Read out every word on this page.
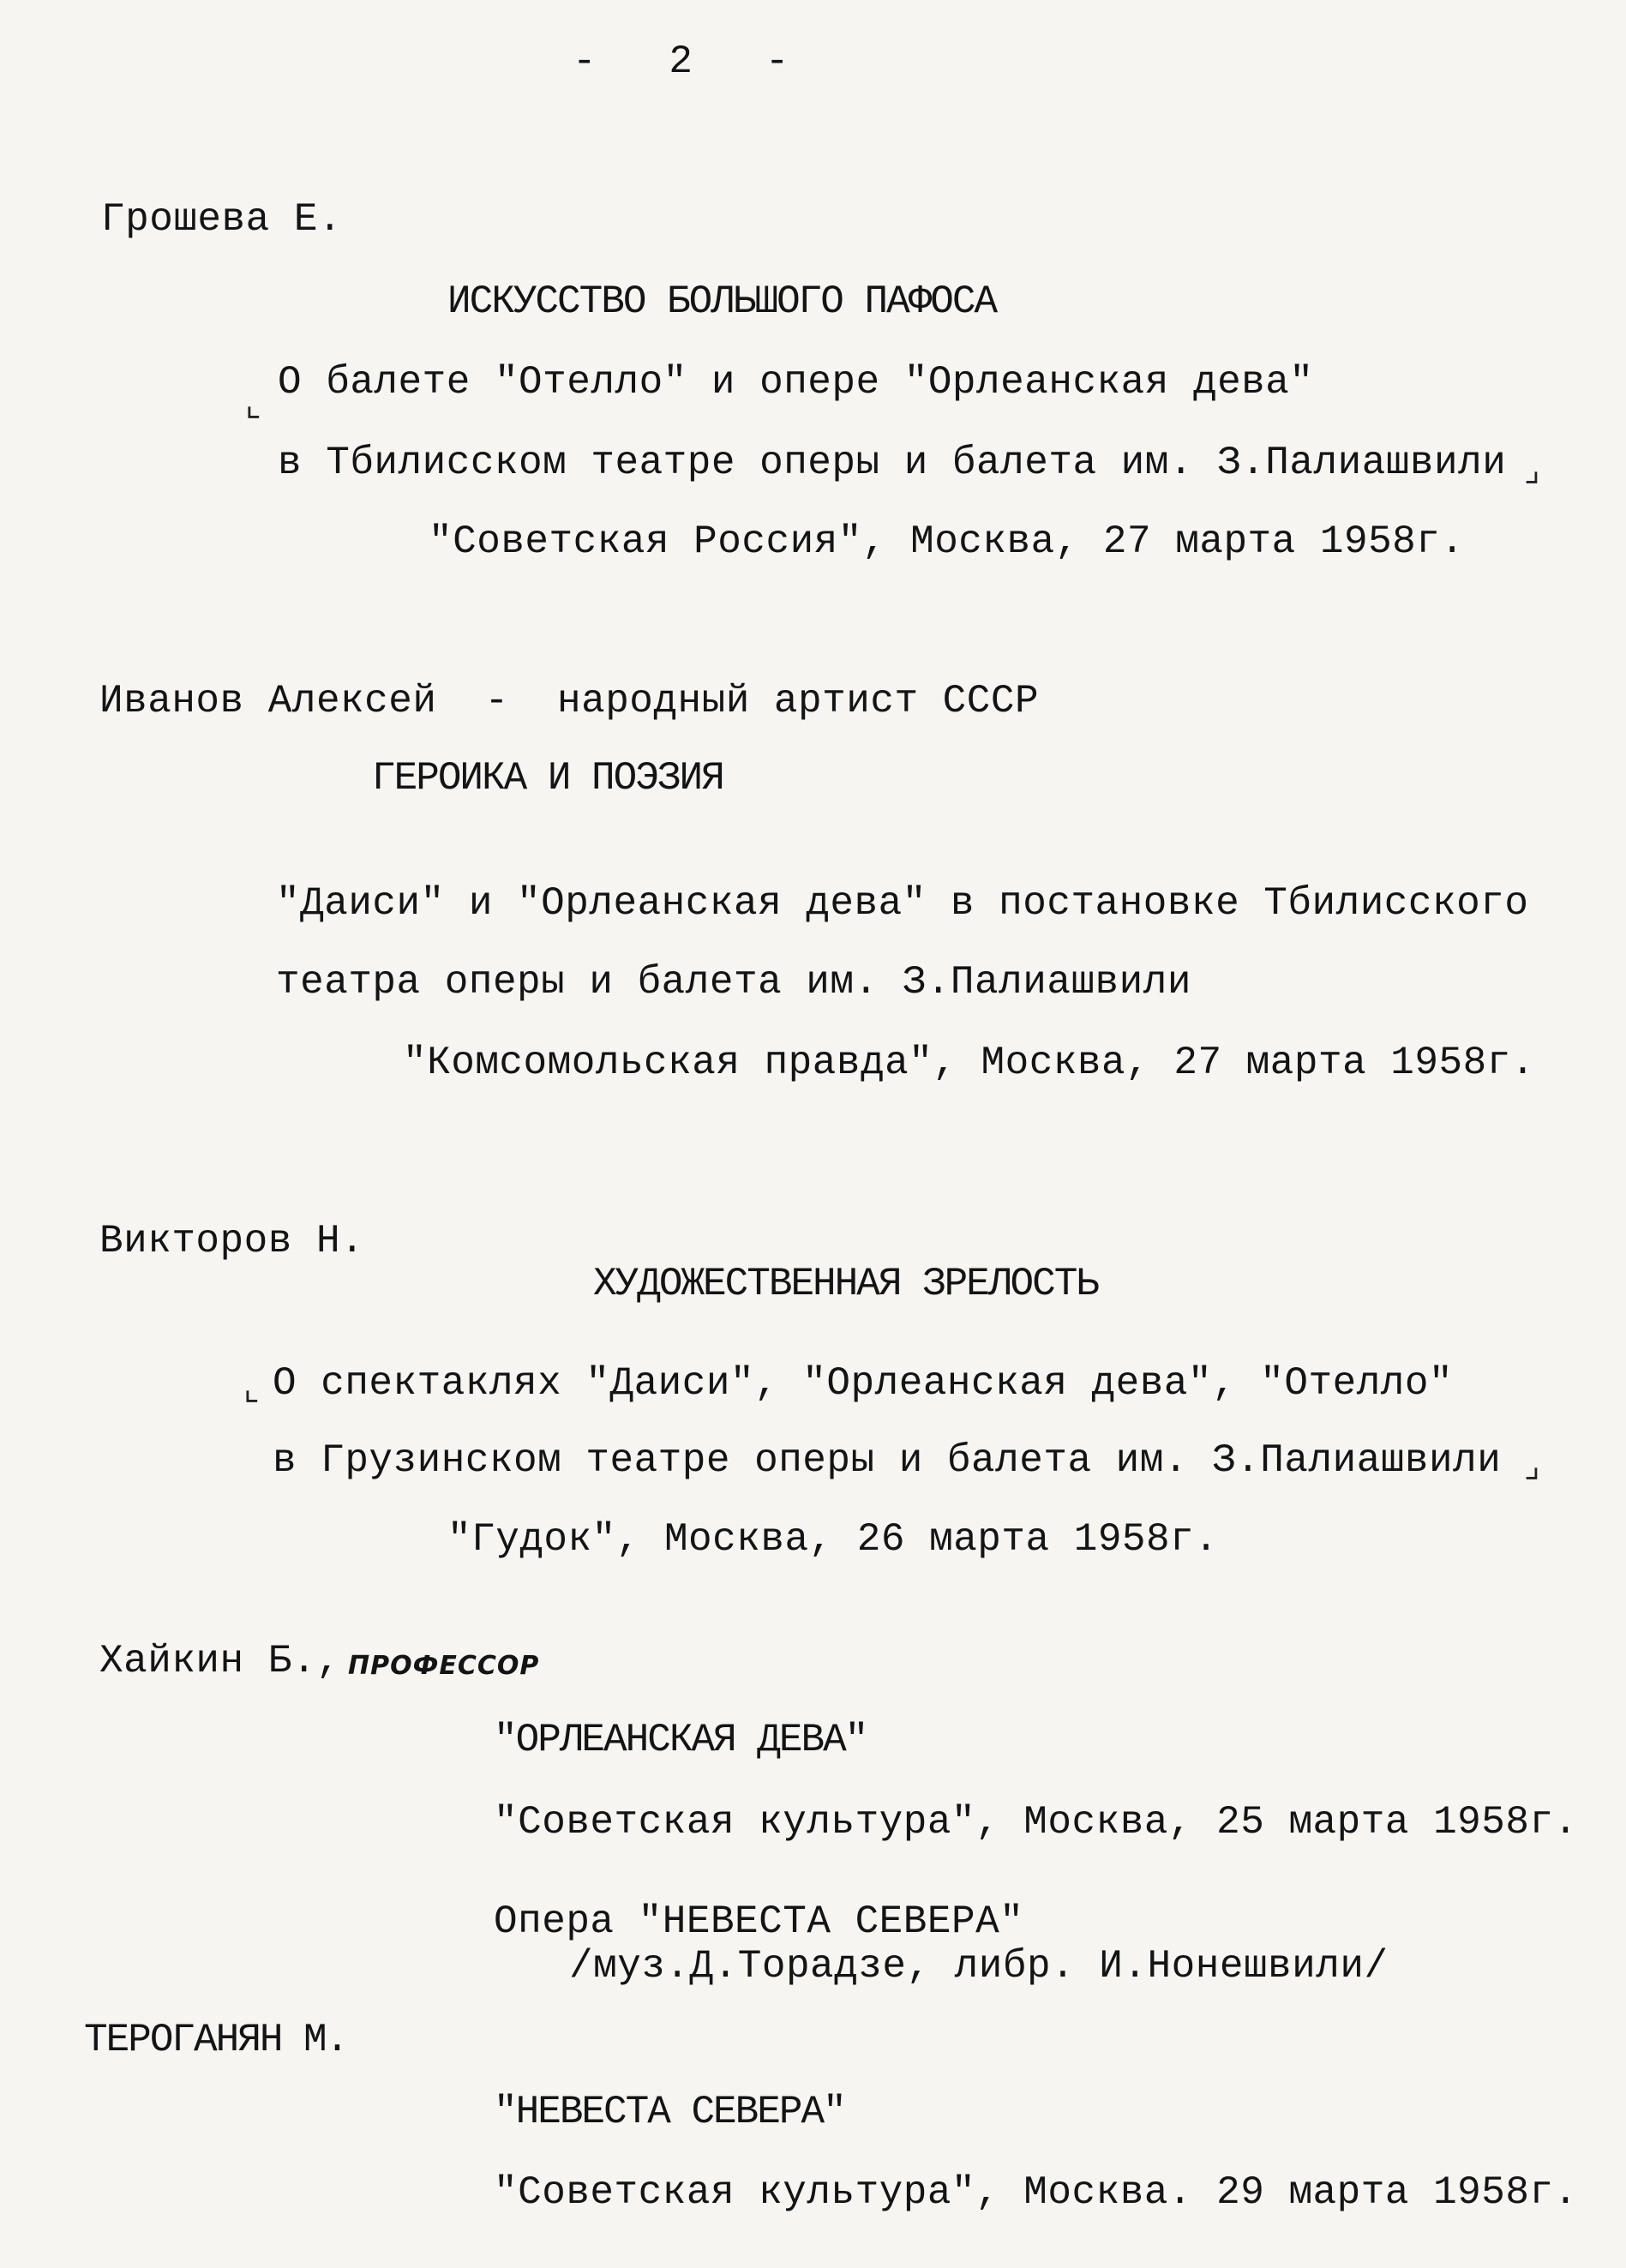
-   2   -
Грошева Е.
ИСКУССТВО БОЛЬШОГО ПАФОСА
⌞ О балете "Отелло" и опере "Орлеанская дева"
в Тбилисском театре оперы и балета им. З.Палиашвили ⌟
"Советская Россия", Москва, 27 марта 1958г.
Иванов Алексей  -  народный артист СССР
ГЕРОИКА И ПОЭЗИЯ
"Даиси" и "Орлеанская дева" в постановке Тбилисского
театра оперы и балета им. З.Палиашвили
"Комсомольская правда", Москва, 27 марта 1958г.
Викторов Н.
ХУДОЖЕСТВЕННАЯ ЗРЕЛОСТЬ
⌞ О спектаклях "Даиси", "Орлеанская дева", "Отелло"
в Грузинском театре оперы и балета им. З.Палиашвили ⌟
"Гудок", Москва, 26 марта 1958г.
Хайкин Б., ПРОФЕССОР
"ОРЛЕАНСКАЯ ДЕВА"
"Советская культура", Москва, 25 марта 1958г.
Опера "НЕВЕСТА СЕВЕРА"
/муз.Д.Торадзе, либр. И.Нонешвили/
ТЕРОГАНЯН М.
"НЕВЕСТА СЕВЕРА"
"Советская культура", Москва. 29 марта 1958г.
